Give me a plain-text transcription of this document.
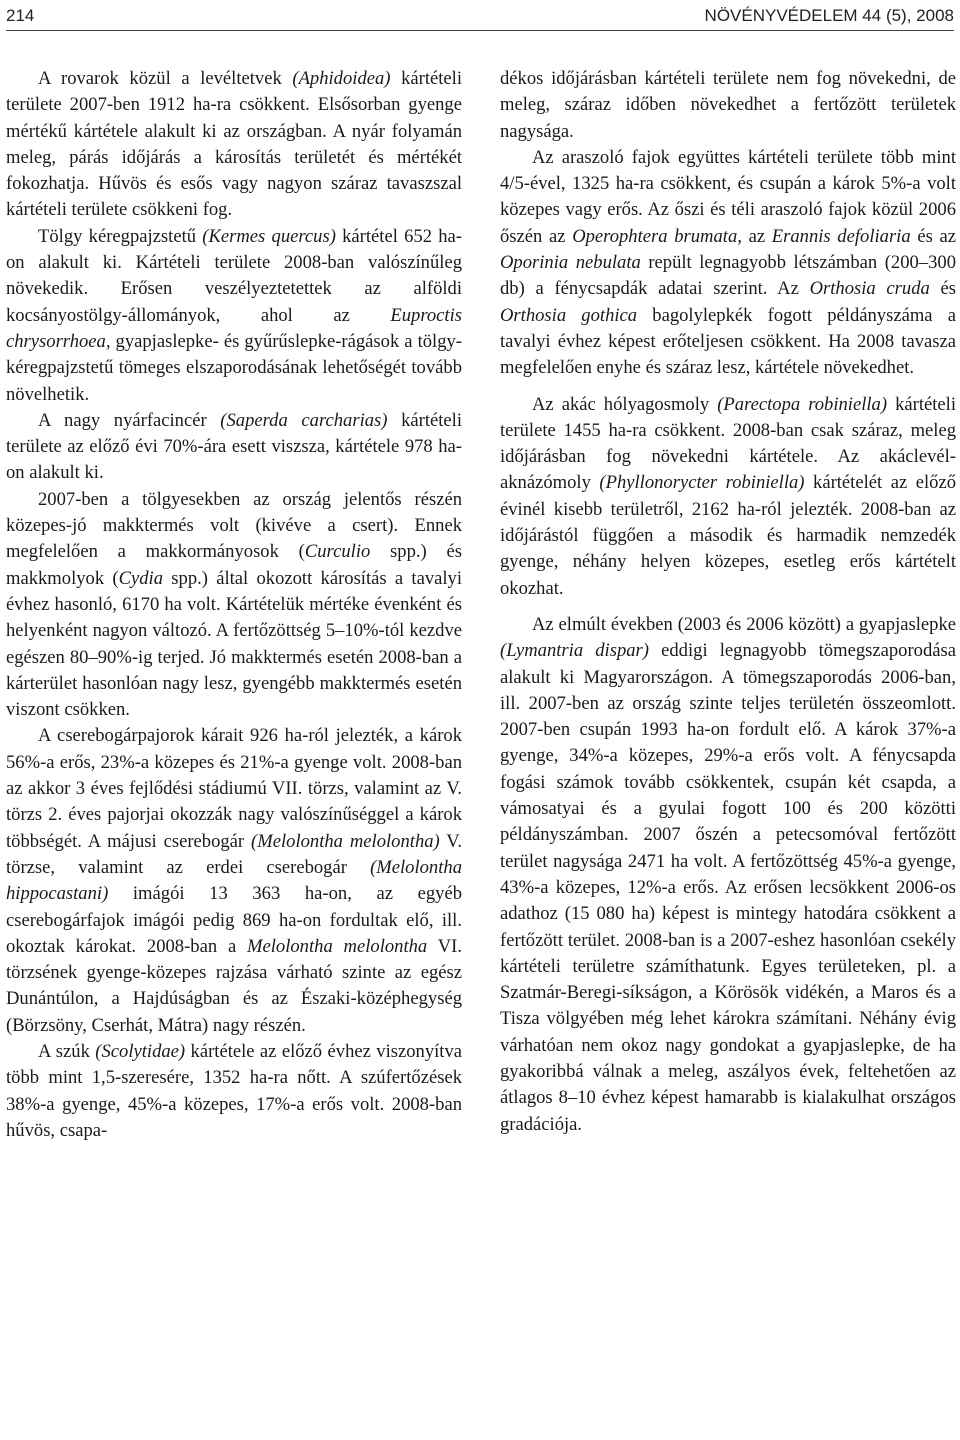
214	NÖVÉNYVÉDELEM 44 (5), 2008

A rovarok közül a levéltetvek (Aphidoidea) kártételi területe 2007-ben 1912 ha-ra csökkent. Elsősorban gyenge mértékű kártétele alakult ki az országban. A nyár folyamán meleg, párás időjárás a károsítás területét és mértékét fokozhatja. Hűvös és esős vagy nagyon száraz tavaszszal kártételi területe csökkeni fog.

Tölgy kéregpajzstetű (Kermes quercus) kártétel 652 ha-on alakult ki. Kártételi területe 2008-ban valószínűleg növekedik. Erősen veszélyeztetettek az alföldi kocsányostölgy-állományok, ahol az Euproctis chrysorrhoea, gyapjaslepke- és gyűrűslepke-rágások a tölgy-kéregpajzstetű tömeges elszaporodásának lehetőségét tovább növelhetik.

A nagy nyárfacincér (Saperda carcharias) kártételi területe az előző évi 70%-ára esett viszsza, kártétele 978 ha-on alakult ki.

2007-ben a tölgyesekben az ország jelentős részén közepes-jó makktermés volt (kivéve a csert). Ennek megfelelően a makkormányosok (Curculio spp.) és makkmolyok (Cydia spp.) által okozott károsítás a tavalyi évhez hasonló, 6170 ha volt. Kártételük mértéke évenként és helyenként nagyon változó. A fertőzöttség 5–10%-tól kezdve egészen 80–90%-ig terjed. Jó makktermés esetén 2008-ban a kárterület hasonlóan nagy lesz, gyengébb makktermés esetén viszont csökken.

A cserebogárpajorok kárait 926 ha-ról jelezték, a károk 56%-a erős, 23%-a közepes és 21%-a gyenge volt. 2008-ban az akkor 3 éves fejlődési stádiumú VII. törzs, valamint az V. törzs 2. éves pajorjai okozzák nagy valószínűséggel a károk többségét. A májusi cserebogár (Melolontha melolontha) V. törzse, valamint az erdei cserebogár (Melolontha hippocastani) imágói 13 363 ha-on, az egyéb cserebogárfajok imágói pedig 869 ha-on fordultak elő, ill. okoztak károkat. 2008-ban a Melolontha melolontha VI. törzsének gyenge-közepes rajzása várható szinte az egész Dunántúlon, a Hajdúságban és az Északi-középhegység (Börzsöny, Cserhát, Mátra) nagy részén.

A szúk (Scolytidae) kártétele az előző évhez viszonyítva több mint 1,5-szeresére, 1352 ha-ra nőtt. A szúfertőzések 38%-a gyenge, 45%-a közepes, 17%-a erős volt. 2008-ban hűvös, csapa-

dékos időjárásban kártételi területe nem fog növekedni, de meleg, száraz időben növekedhet a fertőzött területek nagysága.

Az araszoló fajok együttes kártételi területe több mint 4/5-ével, 1325 ha-ra csökkent, és csupán a károk 5%-a volt közepes vagy erős. Az őszi és téli araszoló fajok közül 2006 őszén az Operophtera brumata, az Erannis defoliaria és az Oporinia nebulata repült legnagyobb létszámban (200–300 db) a fénycsapdák adatai szerint. Az Orthosia cruda és Orthosia gothica bagolylepkék fogott példányszáma a tavalyi évhez képest erőteljesen csökkent. Ha 2008 tavasza megfelelően enyhe és száraz lesz, kártétele növekedhet.

Az akác hólyagosmoly (Parectopa robiniella) kártételi területe 1455 ha-ra csökkent. 2008-ban csak száraz, meleg időjárásban fog növekedni kártétele. Az akáclevél-aknázómoly (Phyllonorycter robiniella) kártételét az előző évinél kisebb területről, 2162 ha-ról jelezték. 2008-ban az időjárástól függően a második és harmadik nemzedék gyenge, néhány helyen közepes, esetleg erős kártételt okozhat.

Az elmúlt években (2003 és 2006 között) a gyapjaslepke (Lymantria dispar) eddigi legnagyobb tömegszaporodása alakult ki Magyarországon. A tömegszaporodás 2006-ban, ill. 2007-ben az ország szinte teljes területén összeomlott. 2007-ben csupán 1993 ha-on fordult elő. A károk 37%-a gyenge, 34%-a közepes, 29%-a erős volt. A fénycsapda fogási számok tovább csökkentek, csupán két csapda, a vámosatyai és a gyulai fogott 100 és 200 közötti példányszámban. 2007 őszén a petecsomóval fertőzött terület nagysága 2471 ha volt. A fertőzöttség 45%-a gyenge, 43%-a közepes, 12%-a erős. Az erősen lecsökkent 2006-os adathoz (15 080 ha) képest is mintegy hatodára csökkent a fertőzött terület. 2008-ban is a 2007-eshez hasonlóan csekély kártételi területre számíthatunk. Egyes területeken, pl. a Szatmár-Beregi-síkságon, a Körösök vidékén, a Maros és a Tisza völgyében még lehet károkra számítani. Néhány évig várhatóan nem okoz nagy gondokat a gyapjaslepke, de ha gyakoribbá válnak a meleg, aszályos évek, feltehetően az átlagos 8–10 évhez képest hamarabb is kialakulhat országos gradációja.
